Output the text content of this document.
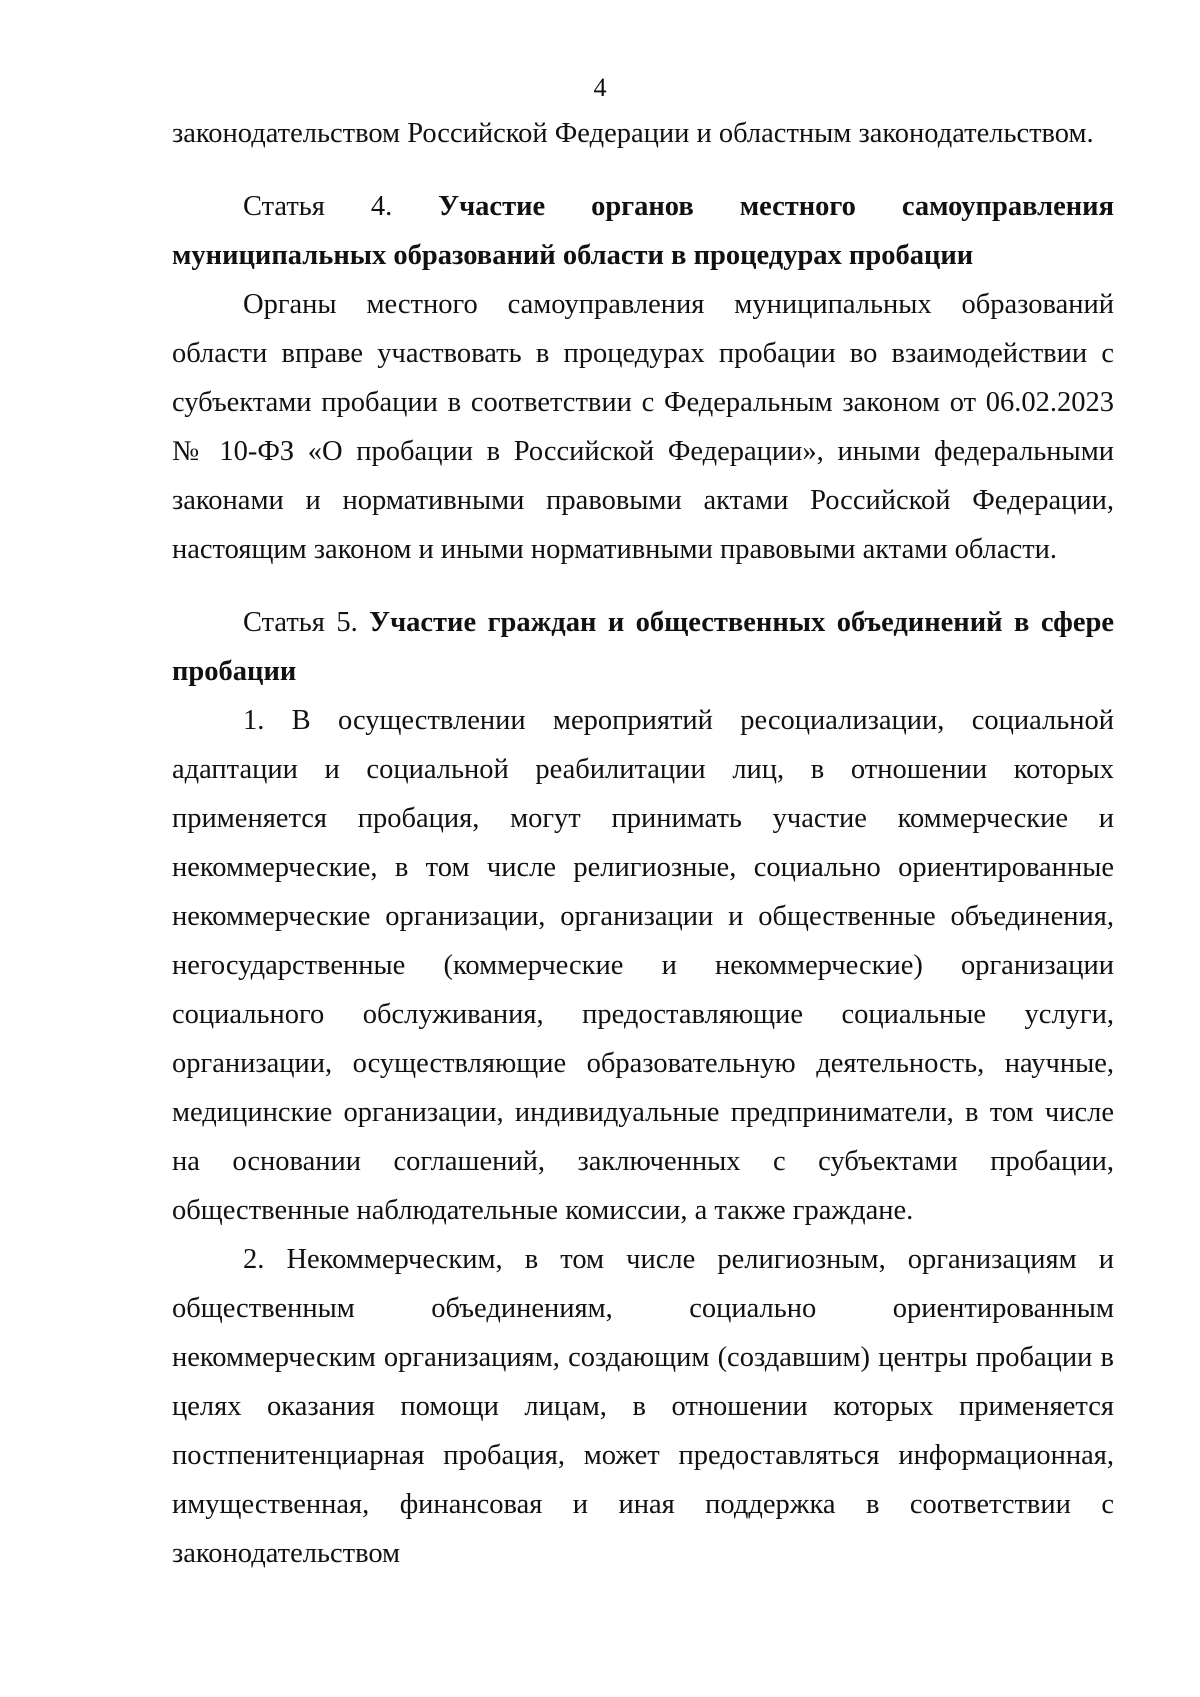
4

законодательством Российской Федерации и областным законодательством.

Статья 4. Участие органов местного самоуправления муниципальных образований области в процедурах пробации

Органы местного самоуправления муниципальных образований области вправе участвовать в процедурах пробации во взаимодействии с субъектами пробации в соответствии с Федеральным законом от 06.02.2023 № 10-ФЗ «О пробации в Российской Федерации», иными федеральными законами и нормативными правовыми актами Российской Федерации, настоящим законом и иными нормативными правовыми актами области.

Статья 5. Участие граждан и общественных объединений в сфере пробации

1. В осуществлении мероприятий ресоциализации, социальной адаптации и социальной реабилитации лиц, в отношении которых применяется пробация, могут принимать участие коммерческие и некоммерческие, в том числе религиозные, социально ориентированные некоммерческие организации, организации и общественные объединения, негосударственные (коммерческие и некоммерческие) организации социального обслуживания, предоставляющие социальные услуги, организации, осуществляющие образовательную деятельность, научные, медицинские организации, индивидуальные предприниматели, в том числе на основании соглашений, заключенных с субъектами пробации, общественные наблюдательные комиссии, а также граждане.

2. Некоммерческим, в том числе религиозным, организациям и общественным объединениям, социально ориентированным некоммерческим организациям, создающим (создавшим) центры пробации в целях оказания помощи лицам, в отношении которых применяется постпенитенциарная пробация, может предоставляться информационная, имущественная, финансовая и иная поддержка в соответствии с законодательством
